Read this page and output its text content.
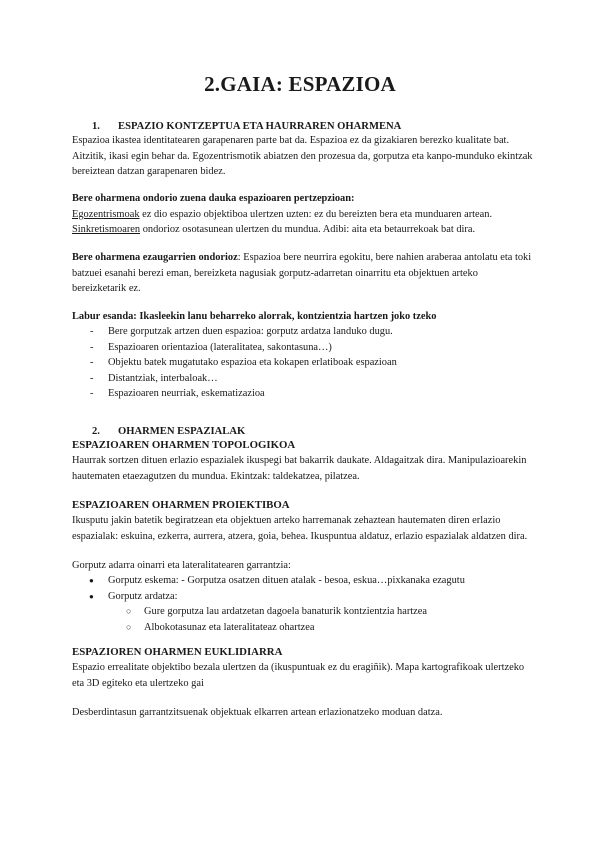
2.GAIA: ESPAZIOA
1. ESPAZIO KONTZEPTUA ETA HAURRAREN OHARMENA
Espazioa ikastea identitatearen garapenaren parte bat da. Espazioa ez da gizakiaren berezko kualitate bat. Aitzitik, ikasi egin behar da. Egozentrismotik abiatzen den prozesua da, gorputza eta kanpo-munduko ekintzak bereiztean datzan garapenaren bidez.
Bere oharmena ondorio zuena dauka espazioaren pertzepzioan:
Egozentrismoak ez dio espazio objektiboa ulertzen uzten: ez du bereizten bera eta munduaren artean.
Sinkretismoaren ondorioz osotasunean ulertzen du mundua. Adibi: aita eta betaurrekoak bat dira.
Bere oharmena ezaugarrien ondorioz: Espazioa bere neurrira egokitu, bere nahien araberaa antolatu eta toki batzuei esanahi berezi eman, bereizketa nagusiak gorputz-adarretan oinarritu eta objektuen arteko bereizketarik ez.
Labur esanda: Ikasleekin lanu beharreko alorrak, kontzientzia hartzen joko tzeko
- Bere gorputzak artzen duen espazioa: gorputz ardatza landuko dugu.
- Espazioaren orientazioa (lateralitatea, sakontasuna…)
- Objektu batek mugatutako espazioa eta kokapen erlatiboak espazioan
- Distantziak, interbaloak…
- Espazioaren neurriak, eskematizazioa
2. OHARMEN ESPAZIALAK
ESPAZIOAREN OHARMEN TOPOLOGIKOA
Haurrak sortzen dituen erlazio espazialek ikuspegi bat bakarrik daukate. Aldagaitzak dira. Manipulazioarekin hautematen etaezagutzen du mundua. Ekintzak: taldekatzea, pilatzea.
ESPAZIOAREN OHARMEN PROIEKTIBOA
Ikusputu jakin batetik begiratzean eta objektuen arteko harremanak zehaztean hautematen diren erlazio espazialak: eskuina, ezkerra, aurrera, atzera, goia, behea. Ikuspuntua aldatuz, erlazio espazialak aldatzen dira.
Gorputz adarra oinarri eta lateralitatearen garrantzia:
● Gorputz eskema: - Gorputza osatzen dituen atalak - besoa, eskua…pixkanaka ezagutu
● Gorputz ardatza:
○ Gure gorputza lau ardatzetan dagoela banaturik kontzientzia hartzea
○ Albokotasunaz eta lateralitateaz ohartzea
ESPAZIOREN OHARMEN EUKLIDIARRA
Espazio errealitate objektibo bezala ulertzen da (ikuspuntuak ez du eragiñik). Mapa kartografikoak ulertzeko eta 3D egiteko eta ulertzeko gai
Desberdintasun garrantzitsuenak objektuak elkarren artean erlazionatzeko moduan datza.
